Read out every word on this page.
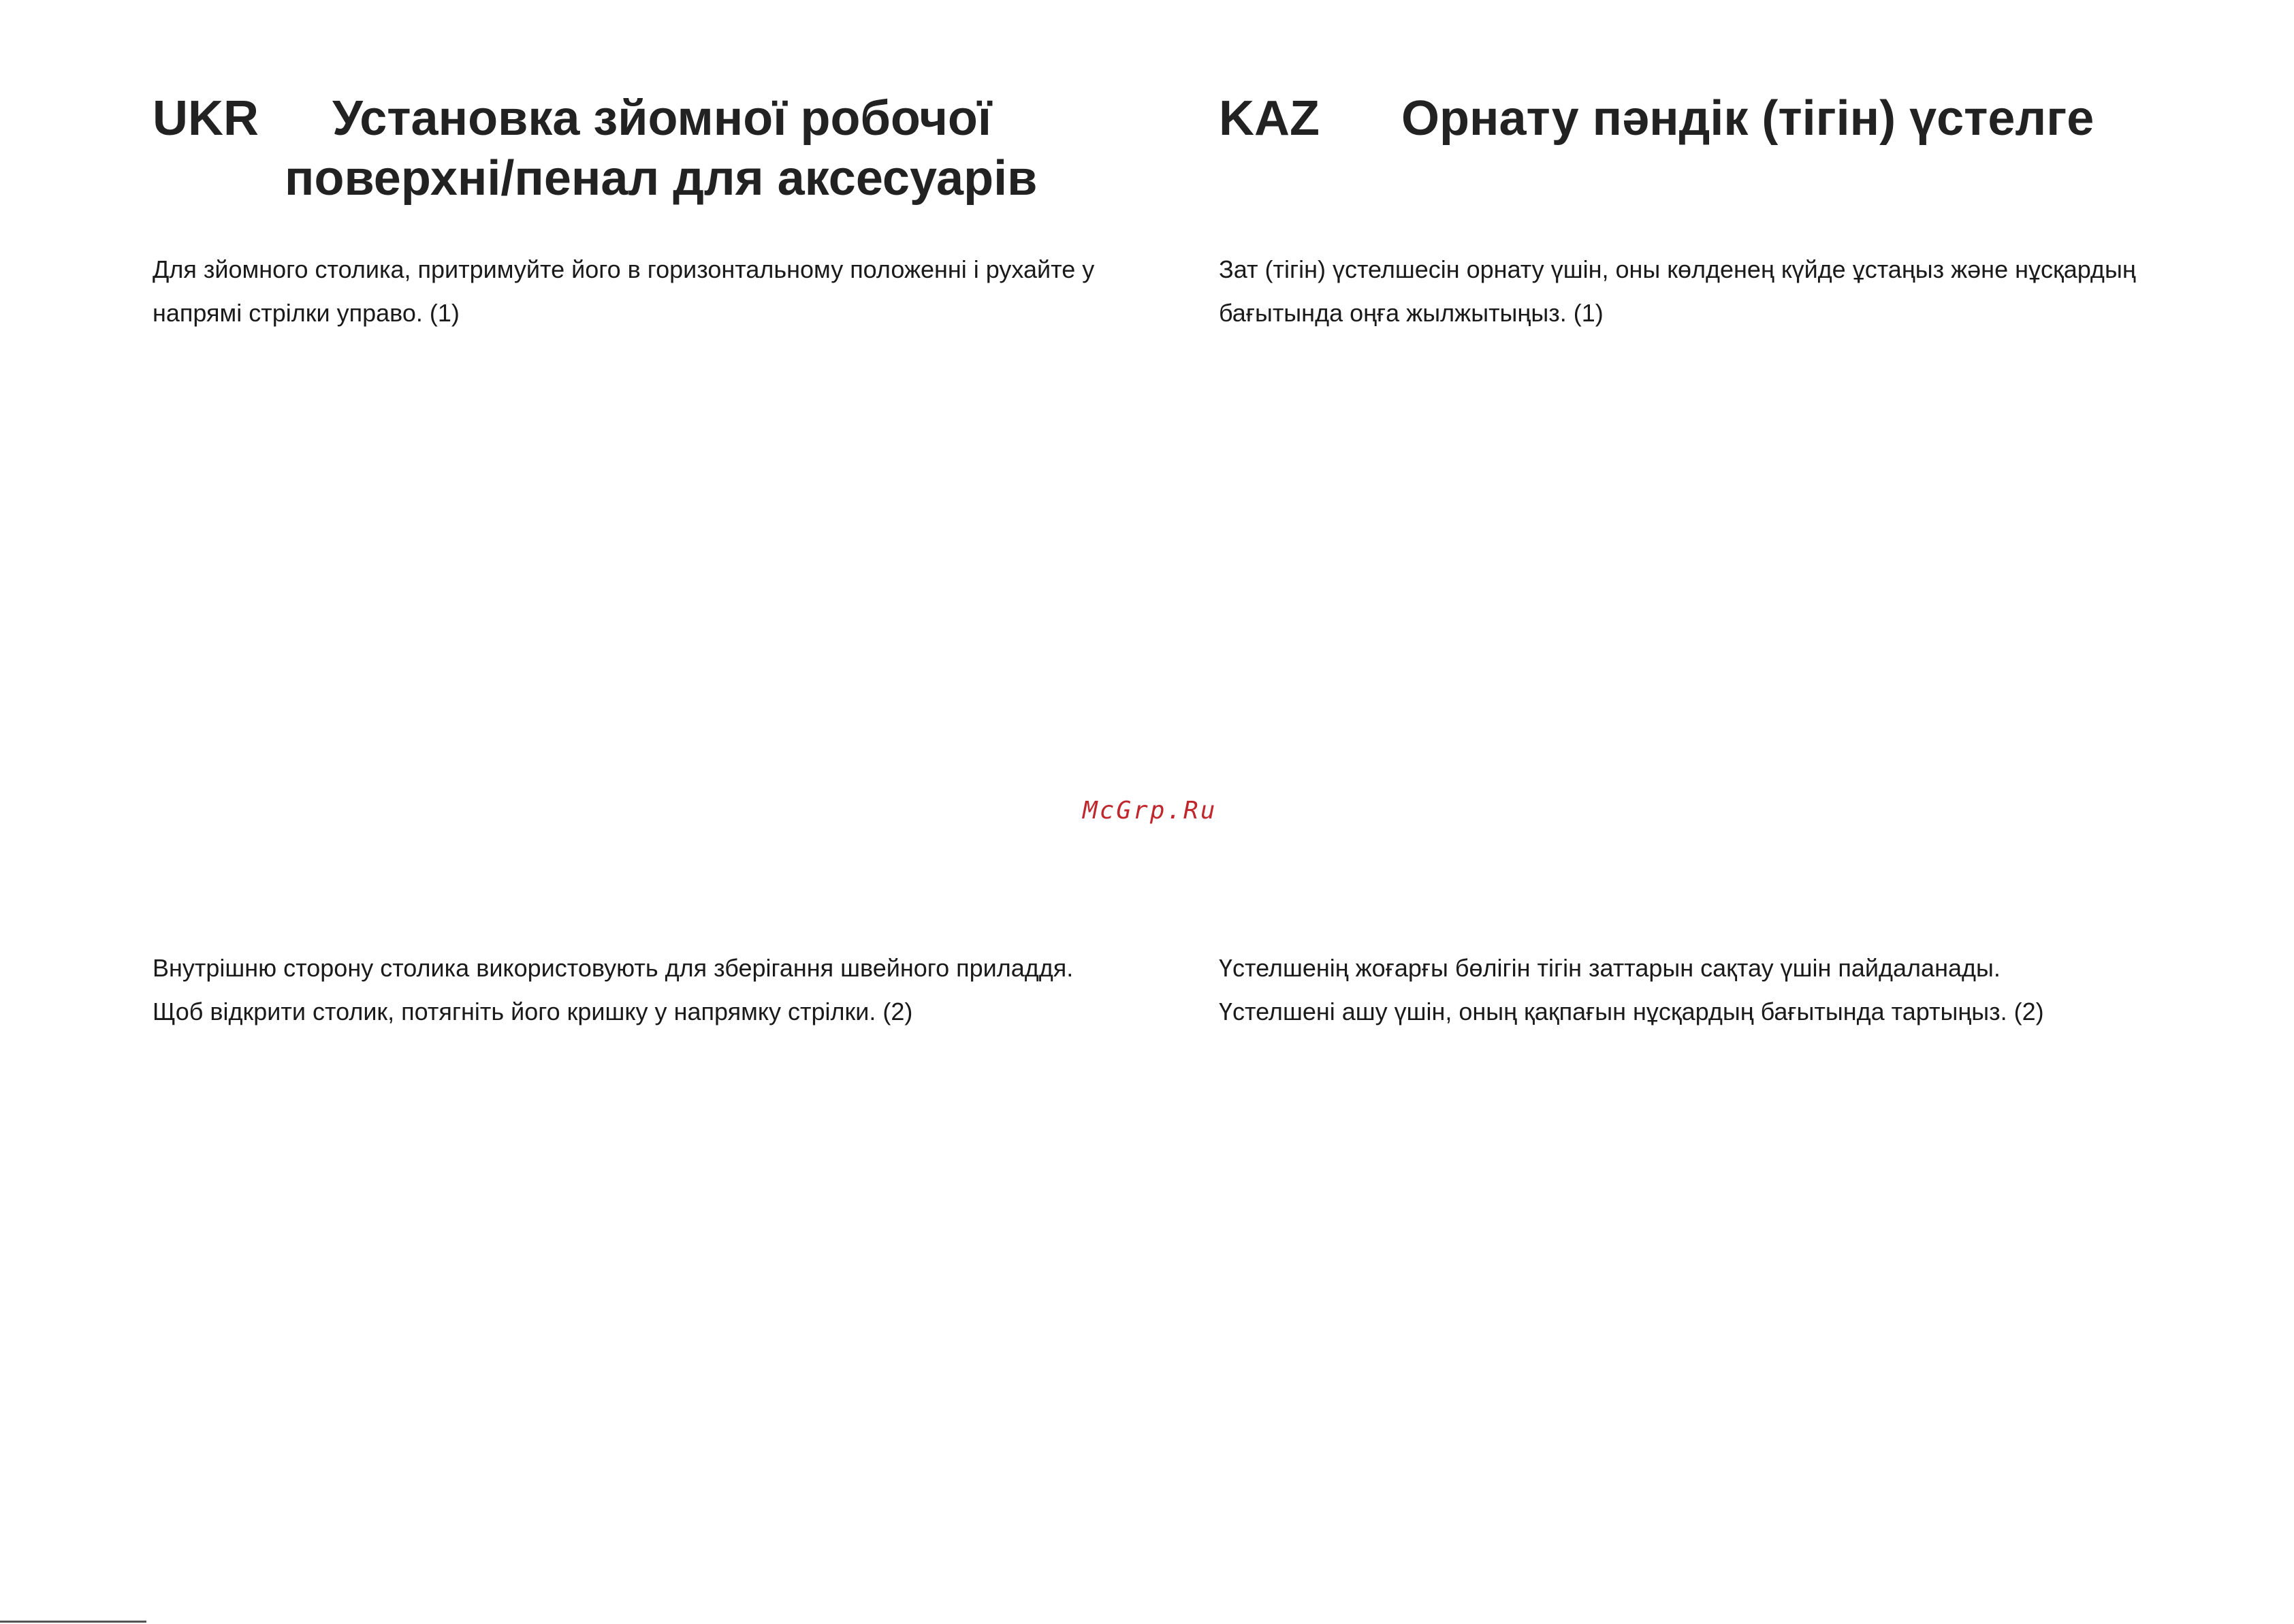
UKR	Установка зйомної робочої
поверхні/пенал для аксесуарів

Для зйомного столика, притримуйте його в горизонтальному положенні і рухайте у

напрямі стрілки управо. (1)

Внутрішню сторону столика використовують для зберігання швейного приладдя.

Щоб відкрити столик, потягніть його кришку у напрямку стрілки. (2)

KAZ Орнату пәндік (тігін) үстелге

Зат (тігін) үстелшесін орнату үшін, оны көлденең күйде ұстаңыз және нұсқардың

бағытында оңға жылжытыңыз. (1)

Үстелшенің жоғарғы бөлігін тігін заттарын сақтау үшін пайдаланады.

Үстелшені ашу үшін, оның қақпағын нұсқардың бағытында тартыңыз. (2)

McGrp.Ru
